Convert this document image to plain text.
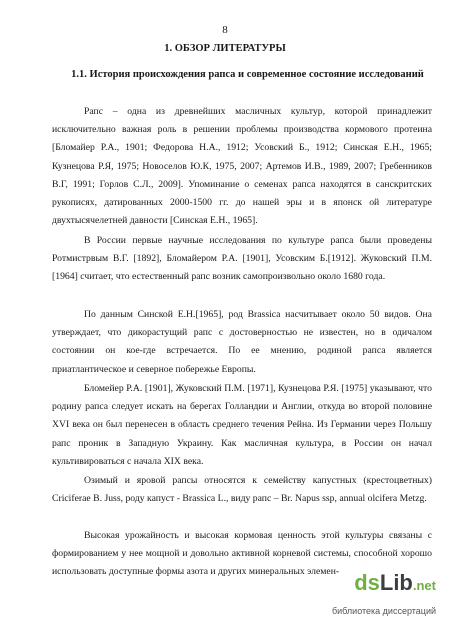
8
1. ОБЗОР ЛИТЕРАТУРЫ
1.1. История происхождения рапса и современное состояние исследований

Рапс – одна из древнейших масличных культур, которой принадлежит исключительно важная роль в решении проблемы производства кормового протеина [Бломайер Р.А., 1901; Федорова Н.А., 1912; Усовский Б., 1912; Синская Е.Н., 1965; Кузнецова Р.Я, 1975; Новоселов Ю.К, 1975, 2007; Артемов И.В., 1989, 2007; Гребенников В.Г, 1991; Горлов С.Л., 2009]. Упоминание о семенах рапса находятся в санскритских рукописях, датированных 2000-1500 гг. до нашей эры и в японск ой литературе двухтысячелетней давности [Синская Е.Н., 1965].

В России первые научные исследования по культуре рапса были проведены Ротмистрвым В.Г. [1892], Бломайером Р.А. [1901], Усовским Б.[1912]. Жуковский П.М. [1964] считает, что естественный рапс возник самопроизвольно около 1680 года.

По данным Синской Е.Н.[1965], род Brassica насчитывает около 50 видов. Она утверждает, что дикорастущий рапс с достоверностью не известен, но в одичалом состоянии он кое-где встречается. По ее мнению, родиной рапса является приатлантическое и северное побережье Европы.

Бломейер Р.А. [1901], Жуковский П.М. [1971], Кузнецова Р.Я. [1975] указывают, что родину рапса следует искать на берегах Голландии и Англии, откуда во второй половине XVI века он был перенесен в область среднего течения Рейна. Из Германии через Польшу рапс проник в Западную Украину. Как масличная культура, в России он начал культивироваться с начала XIX века.

Озимый и яровой рапсы относятся к семейству капустных (крестоцветных) Criciferae B. Juss, роду капуст - Brassica L., виду рапс – Br. Napus ssp, annual olcifera Metzg.

Высокая урожайность и высокая кормовая ценность этой культуры связаны с формированием у нее мощной и довольно активной корневой системы, способной хорошо использовать доступные формы азота и других минеральных элемен- ds Lib .net
библиотека диссертаций
